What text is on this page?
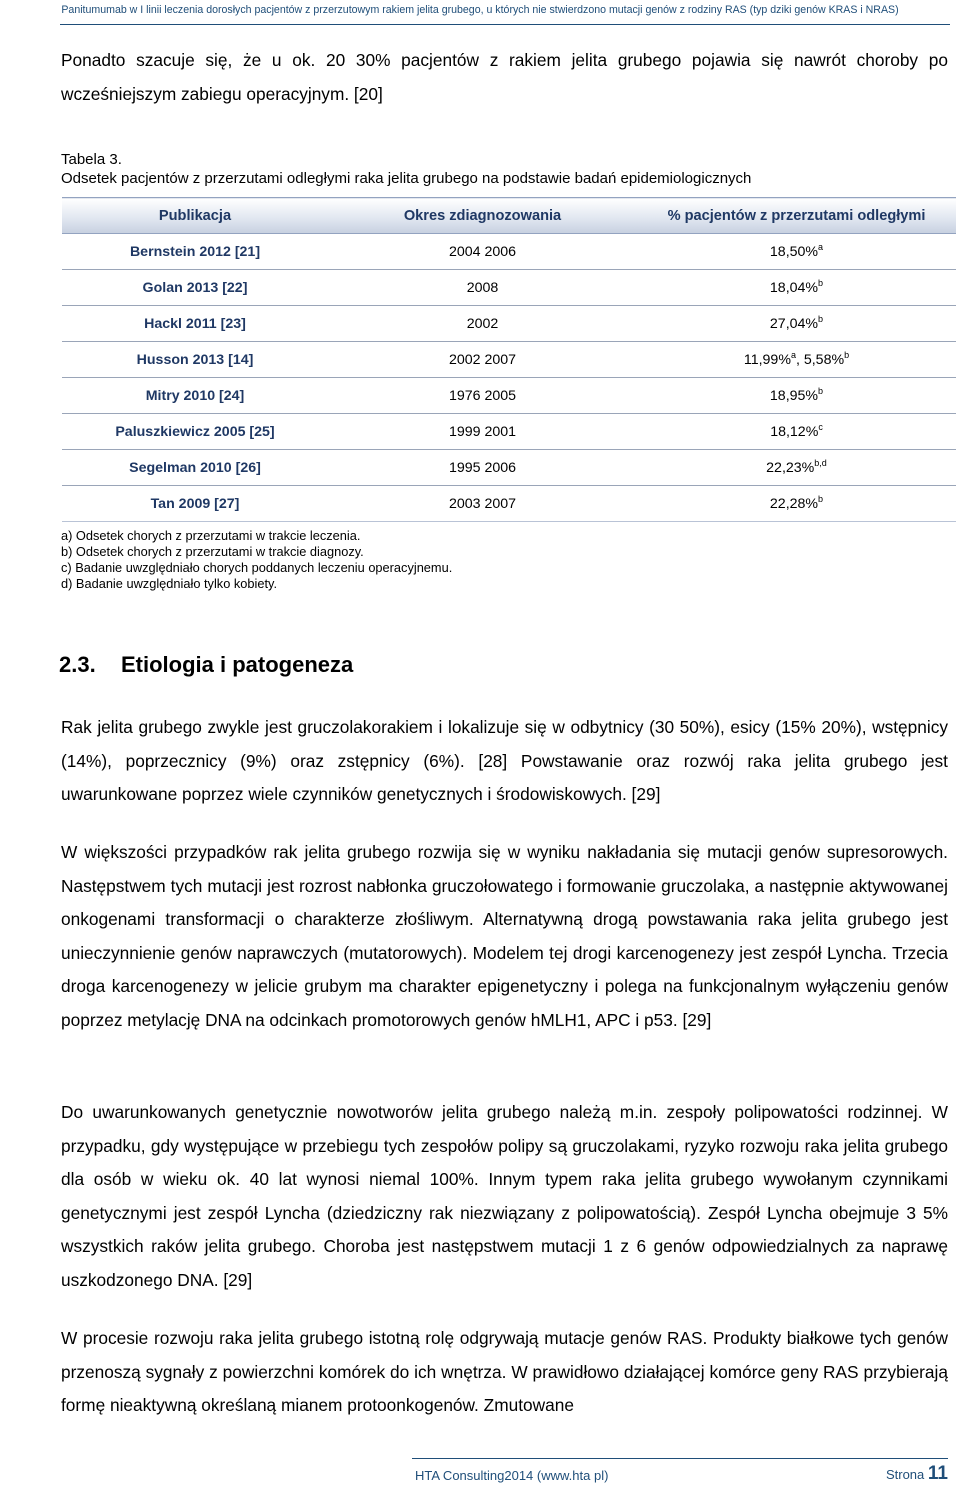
Panitumumab w I linii leczenia dorosłych pacjentów z przerzutowym rakiem jelita grubego, u których nie stwierdzono mutacji genów z rodziny RAS (typ dziki genów KRAS i NRAS)

Ponadto szacuje się, że u ok. 20 30% pacjentów z rakiem jelita grubego pojawia się nawrót choroby po wcześniejszym zabiegu operacyjnym. [20]

Tabela 3.
Odsetek pacjentów z przerzutami odległymi raka jelita grubego na podstawie badań epidemiologicznych
Publikacja	Okres zdiagnozowania	% pacjentów z przerzutami odległymi
Bernstein 2012 [21]	2004 2006	18,50%$^a$
Golan 2013 [22]	2008	18,04%$^b$
Hackl 2011 [23]	2002	27,04%$^b$
Husson 2013 [14]	2002 2007	11,99%$^a$, 5,58%$^b$
Mitry 2010 [24]	1976 2005	18,95%$^b$
Paluszkiewicz 2005 [25]	1999 2001	18,12%$^c$
Segelman 2010 [26]	1995 2006	22,23%$^{b,d}$
Tan 2009 [27]	2003 2007	22,28%$^b$
a) Odsetek chorych z przerzutami w trakcie leczenia.
b) Odsetek chorych z przerzutami w trakcie diagnozy.
c) Badanie uwzględniało chorych poddanych leczeniu operacyjnemu.
d) Badanie uwzględniało tylko kobiety.
2.3. Etiologia i patogeneza

Rak jelita grubego zwykle jest gruczolakorakiem i lokalizuje się w odbytnicy (30 50%), esicy (15% 20%), wstępnicy (14%), poprzecznicy (9%) oraz zstępnicy (6%). [28] Powstawanie oraz rozwój raka jelita grubego jest uwarunkowane poprzez wiele czynników genetycznych i środowiskowych. [29]

W większości przypadków rak jelita grubego rozwija się w wyniku nakładania się mutacji genów supresorowych. Następstwem tych mutacji jest rozrost nabłonka gruczołowatego i formowanie gruczolaka, a następnie aktywowanej onkogenami transformacji o charakterze złośliwym. Alternatywną drogą powstawania raka jelita grubego jest unieczynnienie genów naprawczych (mutatorowych). Modelem tej drogi karcenogenezy jest zespół Lyncha. Trzecia droga karcenogenezy w jelicie grubym ma charakter epigenetyczny i polega na funkcjonalnym wyłączeniu genów poprzez metylację DNA na odcinkach promotorowych genów hMLH1, APC i p53. [29]

Do uwarunkowanych genetycznie nowotworów jelita grubego należą m.in. zespoły polipowatości rodzinnej. W przypadku, gdy występujące w przebiegu tych zespołów polipy są gruczolakami, ryzyko rozwoju raka jelita grubego dla osób w wieku ok. 40 lat wynosi niemal 100%. Innym typem raka jelita grubego wywołanym czynnikami genetycznymi jest zespół Lyncha (dziedziczny rak niezwiązany z polipowatością). Zespół Lyncha obejmuje 3 5% wszystkich raków jelita grubego. Choroba jest następstwem mutacji 1 z 6 genów odpowiedzialnych za naprawę uszkodzonego DNA. [29]

W procesie rozwoju raka jelita grubego istotną rolę odgrywają mutacje genów RAS. Produkty białkowe tych genów przenoszą sygnały z powierzchni komórek do ich wnętrza. W prawidłowo działającej komórce geny RAS przybierają formę nieaktywną określaną mianem protoonkogenów. Zmutowane

HTA Consulting2014 (www.hta pl)	Strona 11
